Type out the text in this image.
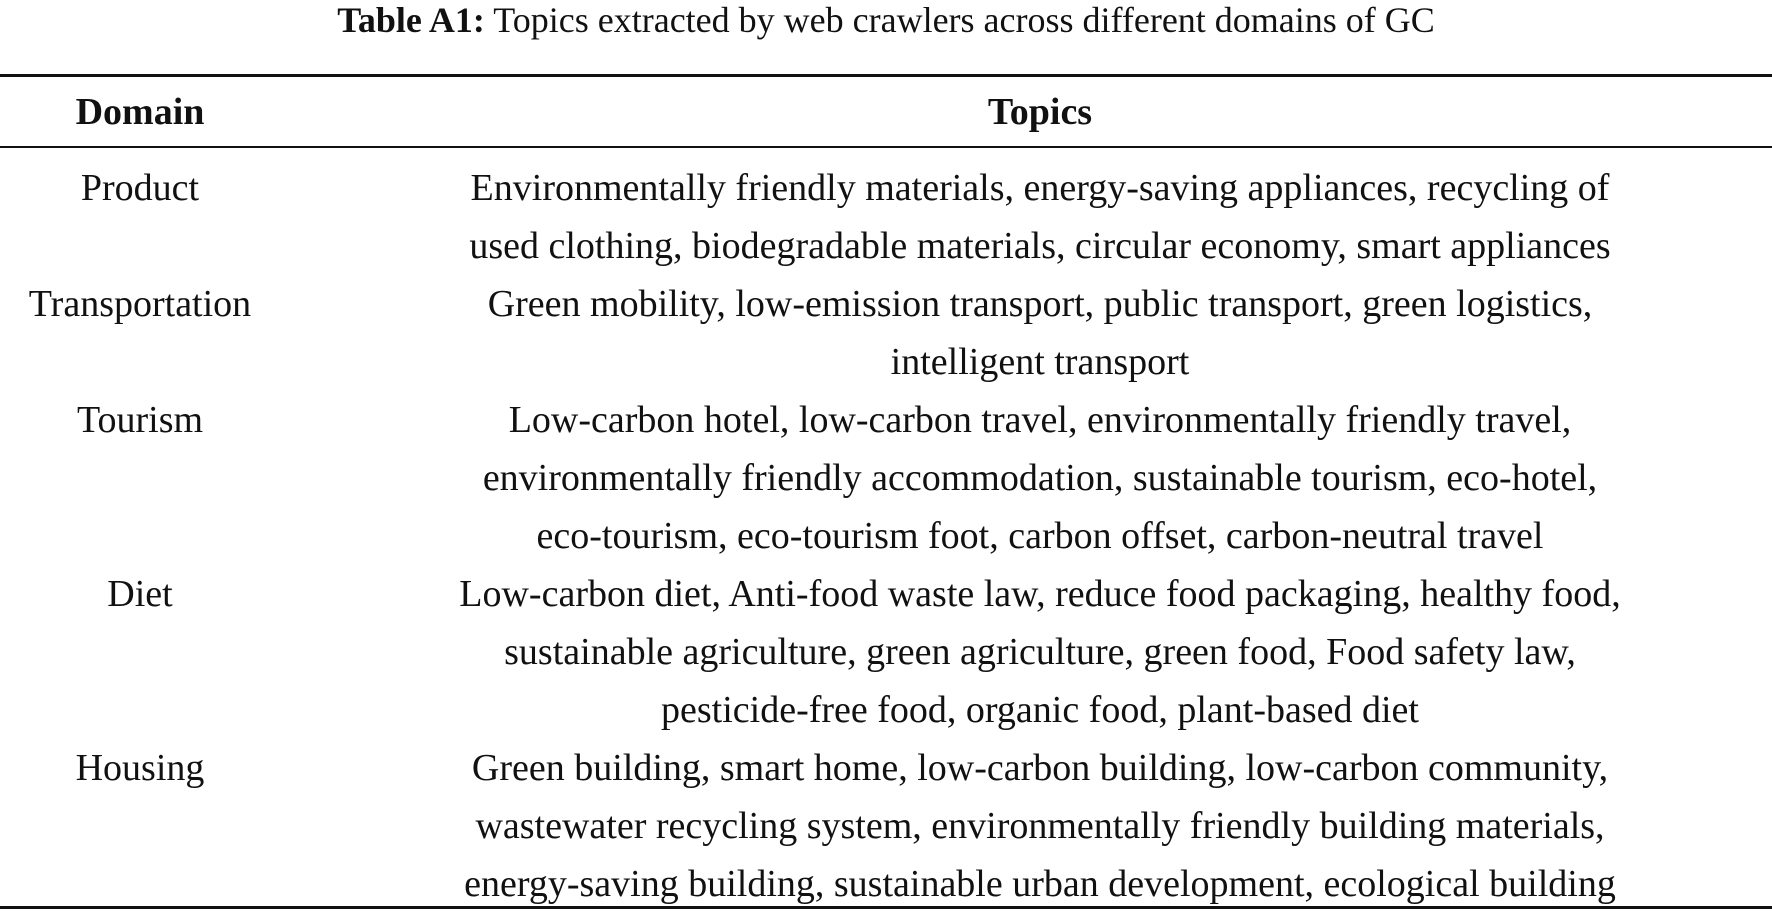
Table A1: Topics extracted by web crawlers across different domains of GC
Domain	Topics
Product	Environmentally friendly materials, energy-saving appliances, recycling of
used clothing, biodegradable materials, circular economy, smart appliances
Transportation	Green mobility, low-emission transport, public transport, green logistics,
intelligent transport
Tourism	Low-carbon hotel, low-carbon travel, environmentally friendly travel,
environmentally friendly accommodation, sustainable tourism, eco-hotel,
eco-tourism, eco-tourism foot, carbon offset, carbon-neutral travel
Diet	Low-carbon diet, Anti-food waste law, reduce food packaging, healthy food,
sustainable agriculture, green agriculture, green food, Food safety law,
pesticide-free food, organic food, plant-based diet
Housing	Green building, smart home, low-carbon building, low-carbon community,
wastewater recycling system, environmentally friendly building materials,
energy-saving building, sustainable urban development, ecological building
